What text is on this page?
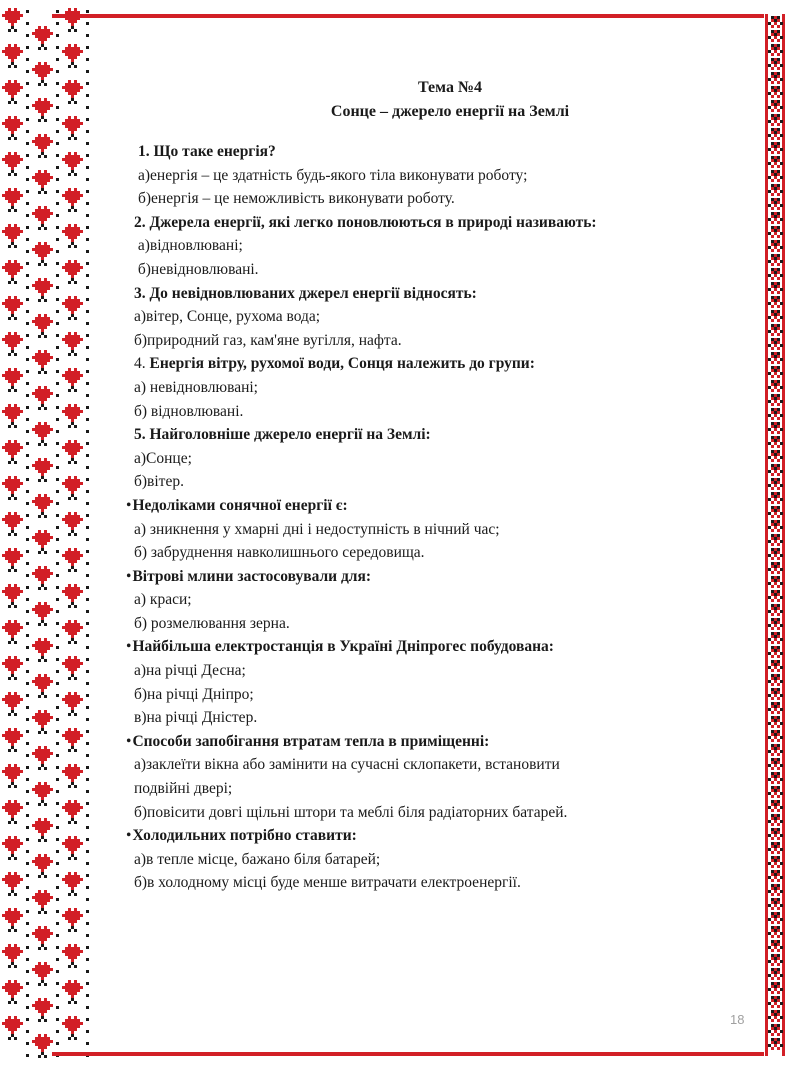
Тема №4
Сонце – джерело енергії на Землі
1. Що таке енергія?
а)енергія – це здатність будь-якого тіла виконувати роботу;
б)енергія – це неможливість виконувати роботу.
2. Джерела енергії, які легко поновлюються в природі називають:
а)відновлювані;
б)невідновлювані.
3. До невідновлюваних джерел енергії відносять:
а)вітер, Сонце, рухома вода;
б)природний газ, кам'яне вугілля, нафта.
4. Енергія вітру, рухомої води, Сонця належить до групи:
а) невідновлювані;
б) відновлювані.
5. Найголовніше джерело енергії на Землі:
а)Сонце;
б)вітер.
•Недоліками сонячної енергії є:
а) зникнення у хмарні дні і недоступність в нічний час;
б) забруднення навколишнього середовища.
•Вітрові млини застосовували для:
а) краси;
б) розмелювання зерна.
•Найбільша електростанція в Україні Дніпрогес побудована:
а)на річці Десна;
б)на річці Дніпро;
в)на річці Дністер.
•Способи запобігання втратам тепла в приміщенні:
а)заклеїти вікна або замінити на сучасні склопакети, встановити
подвійні двері;
б)повісити довгі щільні штори та меблі біля радіаторних батарей.
•Холодильних потрібно ставити:
а)в тепле місце, бажано біля батарей;
б)в холодному місці буде менше витрачати електроенергії.
18
